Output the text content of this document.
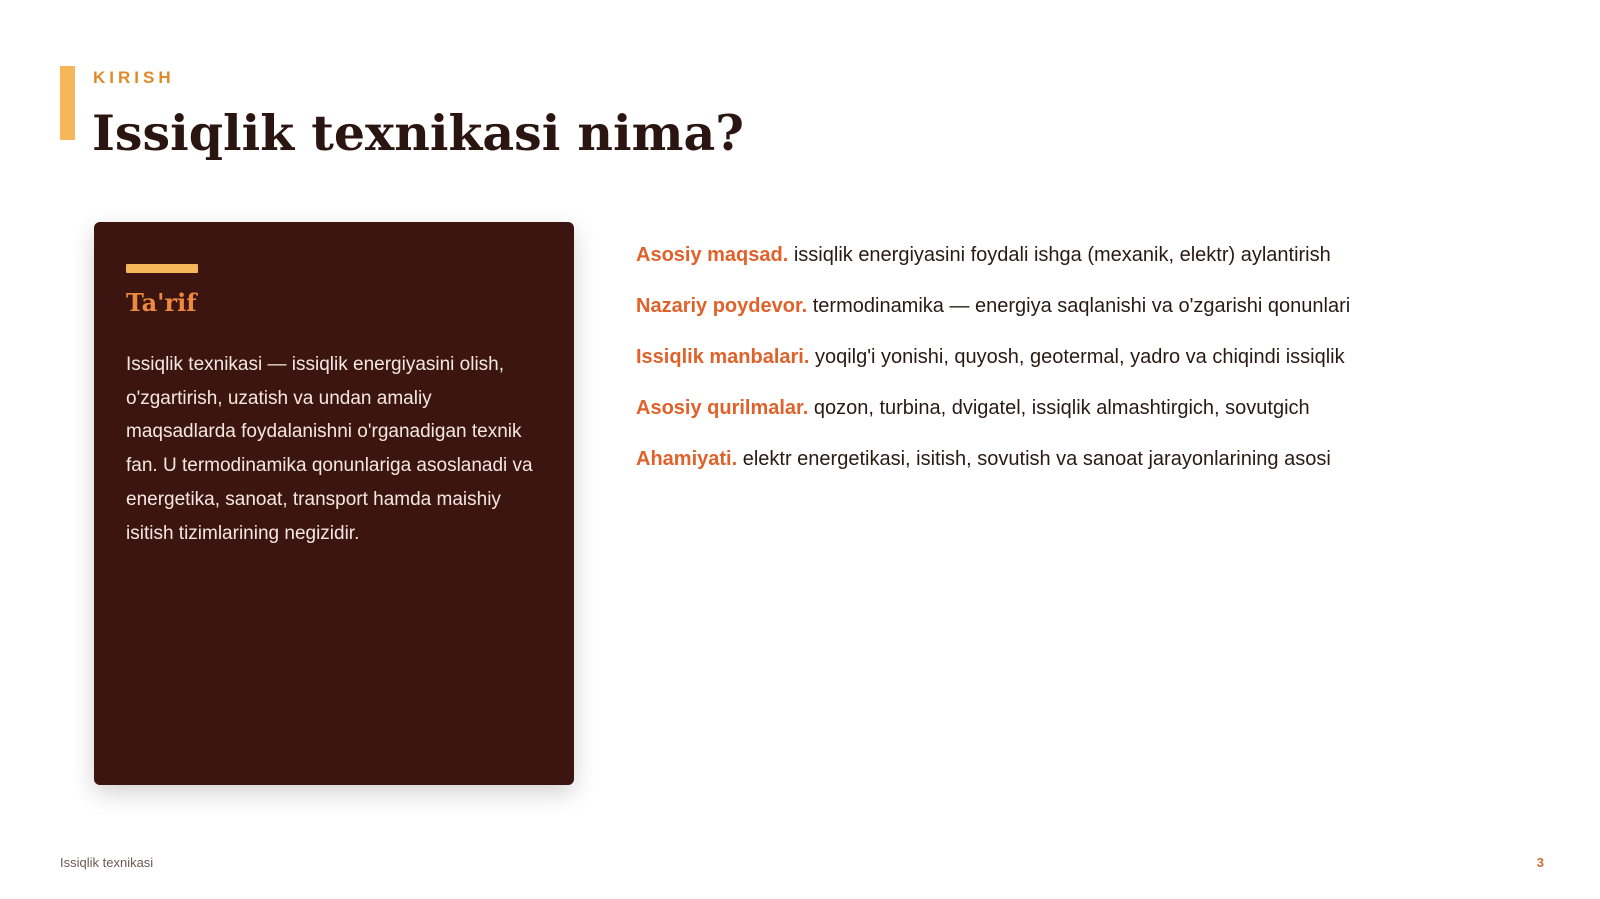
KIRISH
Issiqlik texnikasi nima?
Ta'rif

Issiqlik texnikasi — issiqlik energiyasini olish, o'zgartirish, uzatish va undan amaliy maqsadlarda foydalanishni o'rganadigan texnik fan. U termodinamika qonunlariga asoslanadi va energetika, sanoat, transport hamda maishiy isitish tizimlarining negizidir.

Asosiy maqsad. issiqlik energiyasini foydali ishga (mexanik, elektr) aylantirish
Nazariy poydevor. termodinamika — energiya saqlanishi va o'zgarishi qonunlari
Issiqlik manbalari. yoqilg'i yonishi, quyosh, geotermal, yadro va chiqindi issiqlik
Asosiy qurilmalar. qozon, turbina, dvigatel, issiqlik almashtirgich, sovutgich
Ahamiyati. elektr energetikasi, isitish, sovutish va sanoat jarayonlarining asosi
Issiqlik texnikasi	3
